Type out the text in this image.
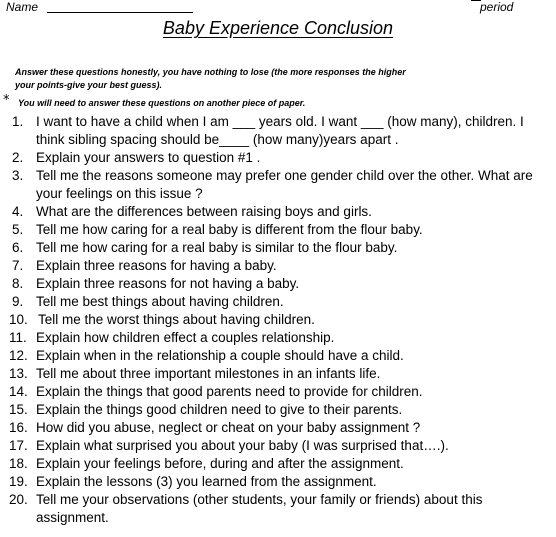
Name	period
Baby Experience Conclusion
Answer these questions honestly, you have nothing to lose (the more responses the higher
your points-give your best guess).
* You will need to answer these questions on another piece of paper.
1. I want to have a child when I am ___ years old. I want ___ (how many), children. I think sibling spacing should be____ (how many)years apart .
2. Explain your answers to question #1 .
3. Tell me the reasons someone may prefer one gender child over the other. What are your feelings on this issue ?
4. What are the differences between raising boys and girls.
5. Tell me how caring for a real baby is different from the flour baby.
6. Tell me how caring for a real baby is similar to the flour baby.
7. Explain three reasons for having a baby.
8. Explain three reasons for not having a baby.
9. Tell me best things about having children.
10. Tell me the worst things about having children.
11. Explain how children effect a couples relationship.
12. Explain when in the relationship a couple should have a child.
13. Tell me about three important milestones in an infants life.
14. Explain the things that good parents need to provide for children.
15. Explain the things good children need to give to their parents.
16. How did you abuse, neglect or cheat on your baby assignment ?
17. Explain what surprised you about your baby (I was surprised that….).
18. Explain your feelings before, during and after the assignment.
19. Explain the lessons (3) you learned from the assignment.
20. Tell me your observations (other students, your family or friends) about this assignment.
